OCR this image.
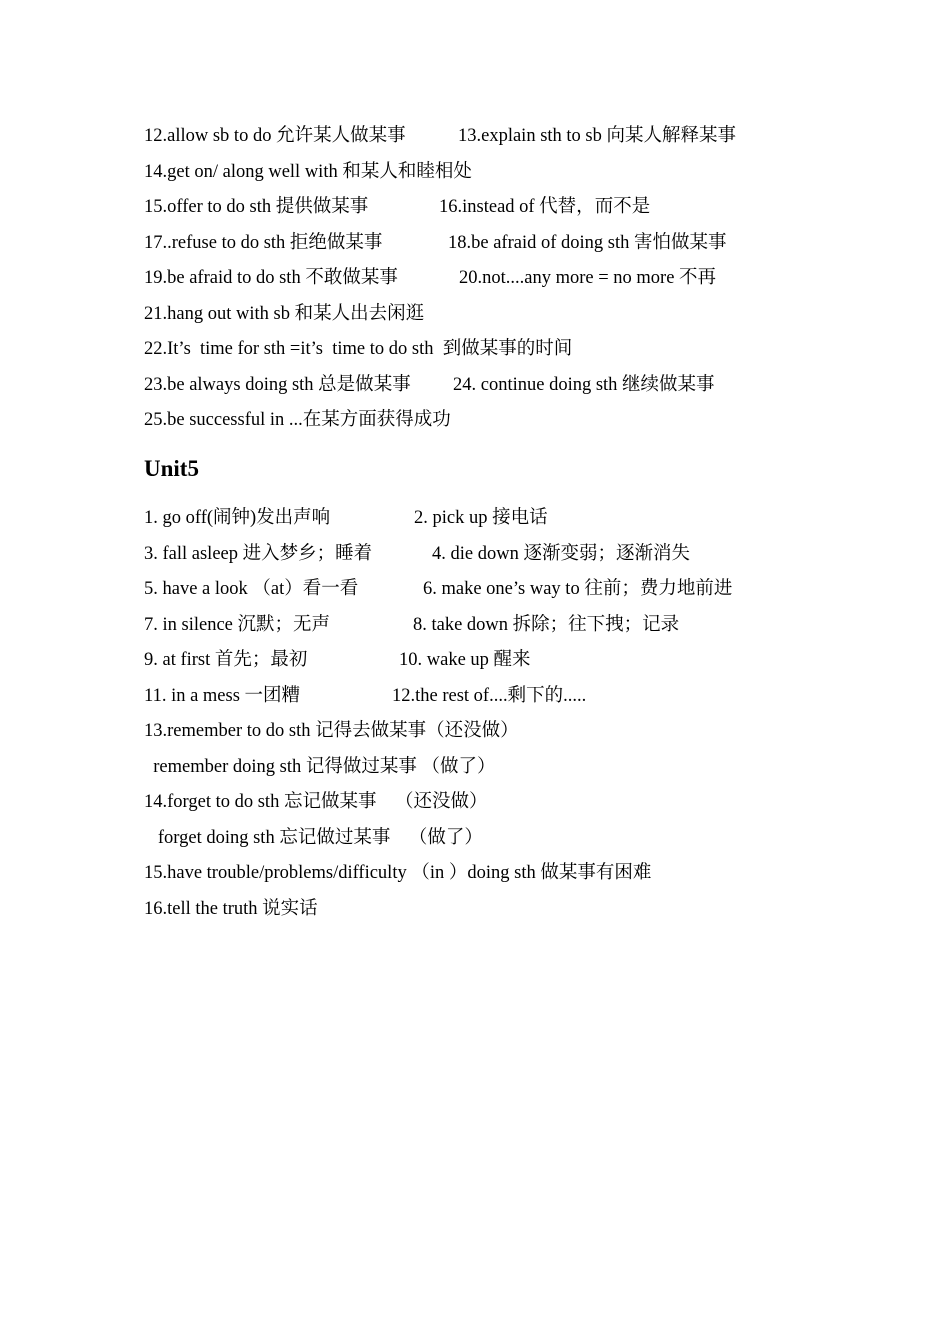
12.allow sb to do 允许某人做某事

	13.explain sth to sb 向某人解释某事

14.get on/ along well with 和某人和睦相处

15.offer to do sth 提供做某事

	16.instead of 代替，而不是

17..refuse to do sth 拒绝做某事

	18.be afraid of doing sth 害怕做某事

19.be afraid to do sth 不敢做某事

	20.not....any more = no more 不再

21.hang out with sb 和某人出去闲逛

22.It’s  time for sth =it’s  time to do sth  到做某事的时间

23.be always doing sth 总是做某事

24. continue doing sth 继续做某事

25.be successful in ...在某方面获得成功

Unit5

1. go off(闹钟)发出声响

	2. pick up 接电话

3. fall asleep 进入梦乡；睡着

	4. die down 逐渐变弱；逐渐消失

5. have a look （at）看一看

	6. make one’s way to 往前；费力地前进

7. in silence 沉默；无声

	8. take down 拆除；往下拽；记录

9. at first 首先；最初

	10. wake up 醒来

11. in a mess 一团糟

	12.the rest of....剩下的.....

13.remember to do sth 记得去做某事（还没做）

remember doing sth 记得做过某事 （做了）

14.forget to do sth 忘记做某事    （还没做）

forget doing sth 忘记做过某事    （做了）

15.have trouble/problems/difficulty （in ）doing sth 做某事有困难

16.tell the truth 说实话
